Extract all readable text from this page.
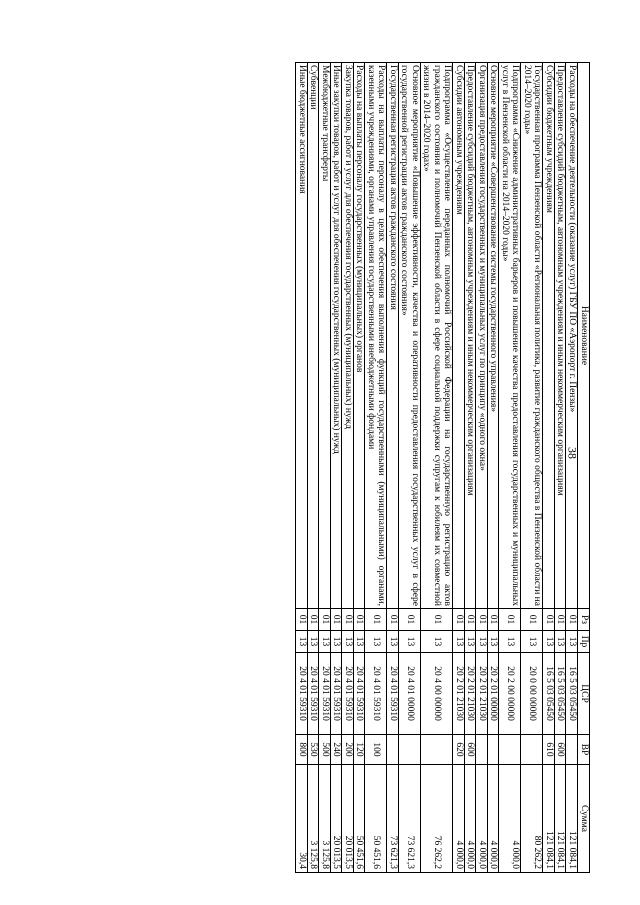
38
Наименование	Рз	Пр	ЦСР	ВР	Сумма
Расходы на обеспечение деятельности (оказание услуг) ГБУ ПО «Аэропорт г. Пензы»	01	13	16 5 03 05450		121 084,1
Предоставление субсидий бюджетным, автономным учреждениям и иным некоммерческим организациям	01	13	16 5 03 05450	600	121 084,1
Субсидии бюджетным учреждениям	01	13	16 5 03 05450	610	121 084,1
Государственная программа Пензенской области «Региональная политика, развитие гражданского общества в Пензенской области на 2014–2020 годы»	01	13	20 0 00 00000		80 262,2
Подпрограмма «Снижение административных барьеров и повышение качества предоставления государственных и муниципальных услуг в Пензенской области на 2014–2020 годы»	01	13	20 2 00 00000		4 000,0
Основное мероприятие «Совершенствование системы государственного управления»	01	13	20 2 01 00000		4 000,0
Организация предоставления государственных и муниципальных услуг по принципу «одного окна»	01	13	20 2 01 21030		4 000,0
Предоставление субсидий бюджетным, автономным учреждениям и иным некоммерческим организациям	01	13	20 2 01 21030	600	4 000,0
Субсидии автономным учреждениям	01	13	20 2 01 21030	620	4 000,0
Подпрограмма «Осуществление переданных полномочий Российской Федерации на государственную регистрацию актов гражданского состояния и полномочий Пензенской области в сфере социальной поддержки супругам к юбилеям их совместной жизни в 2014–2020 годах»	01	13	20 4 00 00000		76 262,2
Основное мероприятие «Повышение эффективности, качества и оперативности предоставления государственных услуг в сфере государственной регистрации актов гражданского состояния»	01	13	20 4 01 00000		73 621,3
Государственная регистрация актов гражданского состояния	01	13	20 4 01 59310		73 621,3
Расходы на выплаты персоналу в целях обеспечения выполнения функций государственными (муниципальными) органами, казенными учреждениями, органами управления государственными внебюджетными фондами	01	13	20 4 01 59310	100	50 451,6
Расходы на выплаты персоналу государственных (муниципальных) органов	01	13	20 4 01 59310	120	50 451,6
Закупка товаров, работ и услуг для обеспечения государственных (муниципальных) нужд	01	13	20 4 01 59310	200	20 013,5
Иные закупки товаров, работ и услуг для обеспечения государственных (муниципальных) нужд	01	13	20 4 01 59310	240	20 013,5
Межбюджетные трансферты	01	13	20 4 01 59310	500	3 125,8
Субвенции	01	13	20 4 01 59310	530	3 125,8
Иные бюджетные ассигнования	01	13	20 4 01 59310	800	30,4
